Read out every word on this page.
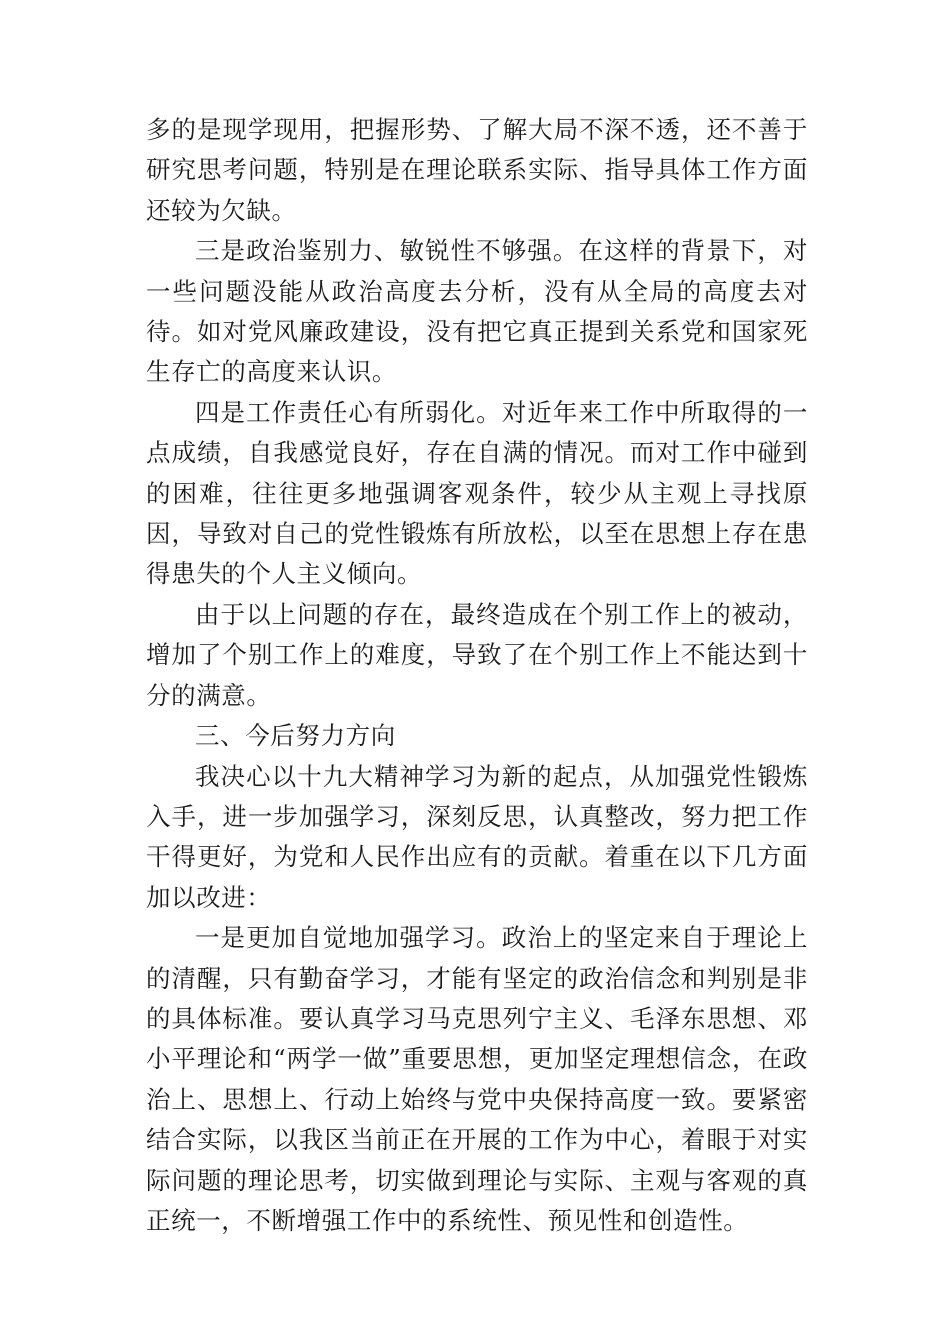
多的是现学现用，把握形势、了解大局不深不透，还不善于研究思考问题，特别是在理论联系实际、指导具体工作方面还较为欠缺。

三是政治鉴别力、敏锐性不够强。在这样的背景下，对一些问题没能从政治高度去分析，没有从全局的高度去对待。如对党风廉政建设，没有把它真正提到关系党和国家死生存亡的高度来认识。

四是工作责任心有所弱化。对近年来工作中所取得的一点成绩，自我感觉良好，存在自满的情况。而对工作中碰到的困难，往往更多地强调客观条件，较少从主观上寻找原因，导致对自己的党性锻炼有所放松，以至在思想上存在患得患失的个人主义倾向。

由于以上问题的存在，最终造成在个别工作上的被动，增加了个别工作上的难度，导致了在个别工作上不能达到十分的满意。

三、今后努力方向

我决心以十九大精神学习为新的起点，从加强党性锻炼入手，进一步加强学习，深刻反思，认真整改，努力把工作干得更好，为党和人民作出应有的贡献。着重在以下几方面加以改进：

一是更加自觉地加强学习。政治上的坚定来自于理论上的清醒，只有勤奋学习，才能有坚定的政治信念和判别是非的具体标准。要认真学习马克思列宁主义、毛泽东思想、邓小平理论和“两学一做”重要思想，更加坚定理想信念，在政治上、思想上、行动上始终与党中央保持高度一致。要紧密结合实际，以我区当前正在开展的工作为中心，着眼于对实际问题的理论思考，切实做到理论与实际、主观与客观的真正统一，不断增强工作中的系统性、预见性和创造性。
